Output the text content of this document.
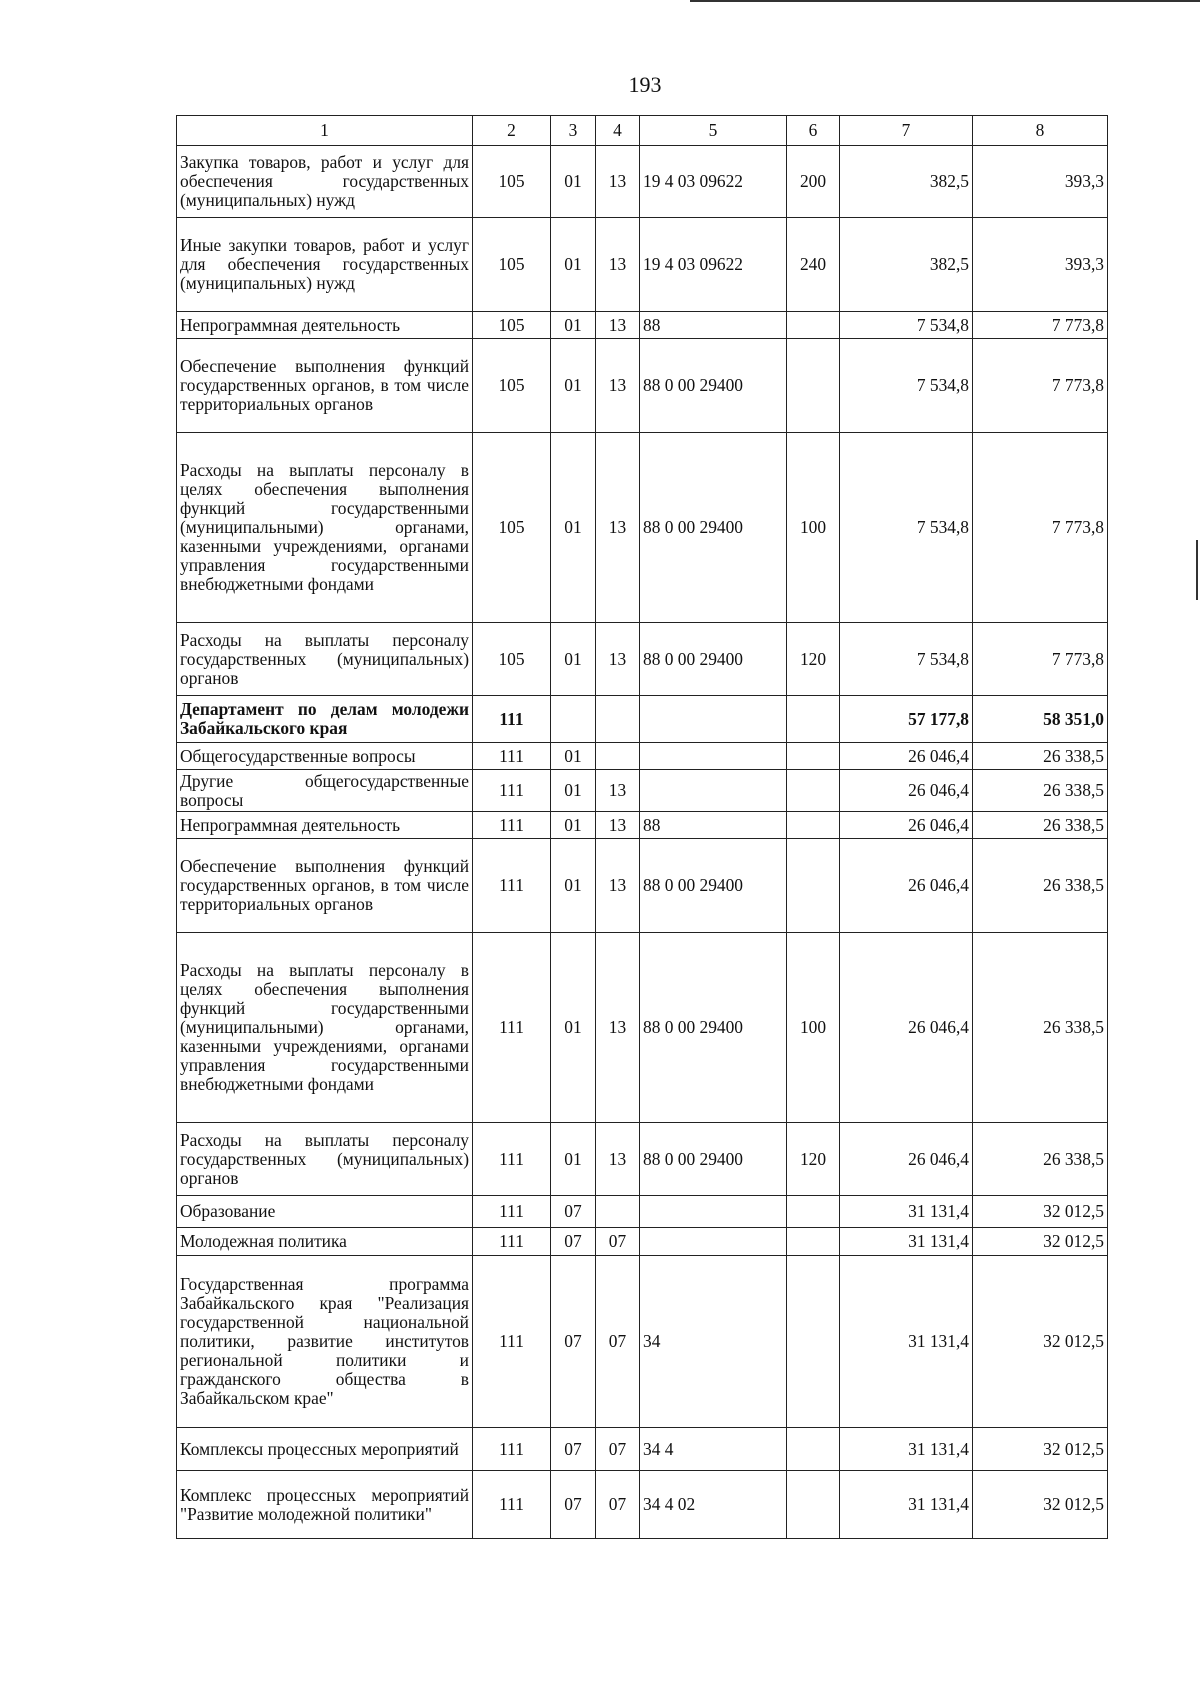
193
1	2	3	4	5	6	7	8
Закупка товаров, работ и услуг для обеспечения государственных (муниципальных) нужд	105	01	13	19 4 03 09622	200	382,5	393,3
Иные закупки товаров, работ и услуг для обеспечения государственных (муниципальных) нужд	105	01	13	19 4 03 09622	240	382,5	393,3
Непрограммная деятельность	105	01	13	88		7 534,8	7 773,8
Обеспечение выполнения функций государственных органов, в том числе территориальных органов	105	01	13	88 0 00 29400		7 534,8	7 773,8
Расходы на выплаты персоналу в целях обеспечения выполнения функций государственными (муниципальными) органами, казенными учреждениями, органами управления государственными внебюджетными фондами	105	01	13	88 0 00 29400	100	7 534,8	7 773,8
Расходы на выплаты персоналу государственных (муниципальных) органов	105	01	13	88 0 00 29400	120	7 534,8	7 773,8
Департамент по делам молодежи Забайкальского края	111					57 177,8	58 351,0
Общегосударственные вопросы	111	01				26 046,4	26 338,5
Другие общегосударственные вопросы	111	01	13			26 046,4	26 338,5
Непрограммная деятельность	111	01	13	88		26 046,4	26 338,5
Обеспечение выполнения функций государственных органов, в том числе территориальных органов	111	01	13	88 0 00 29400		26 046,4	26 338,5
Расходы на выплаты персоналу в целях обеспечения выполнения функций государственными (муниципальными) органами, казенными учреждениями, органами управления государственными внебюджетными фондами	111	01	13	88 0 00 29400	100	26 046,4	26 338,5
Расходы на выплаты персоналу государственных (муниципальных) органов	111	01	13	88 0 00 29400	120	26 046,4	26 338,5
Образование	111	07				31 131,4	32 012,5
Молодежная политика	111	07	07			31 131,4	32 012,5
Государственная программа Забайкальского края "Реализация государственной национальной политики, развитие институтов региональной политики и гражданского общества в Забайкальском крае"	111	07	07	34		31 131,4	32 012,5
Комплексы процессных мероприятий	111	07	07	34 4		31 131,4	32 012,5
Комплекс процессных мероприятий "Развитие молодежной политики"	111	07	07	34 4 02		31 131,4	32 012,5
